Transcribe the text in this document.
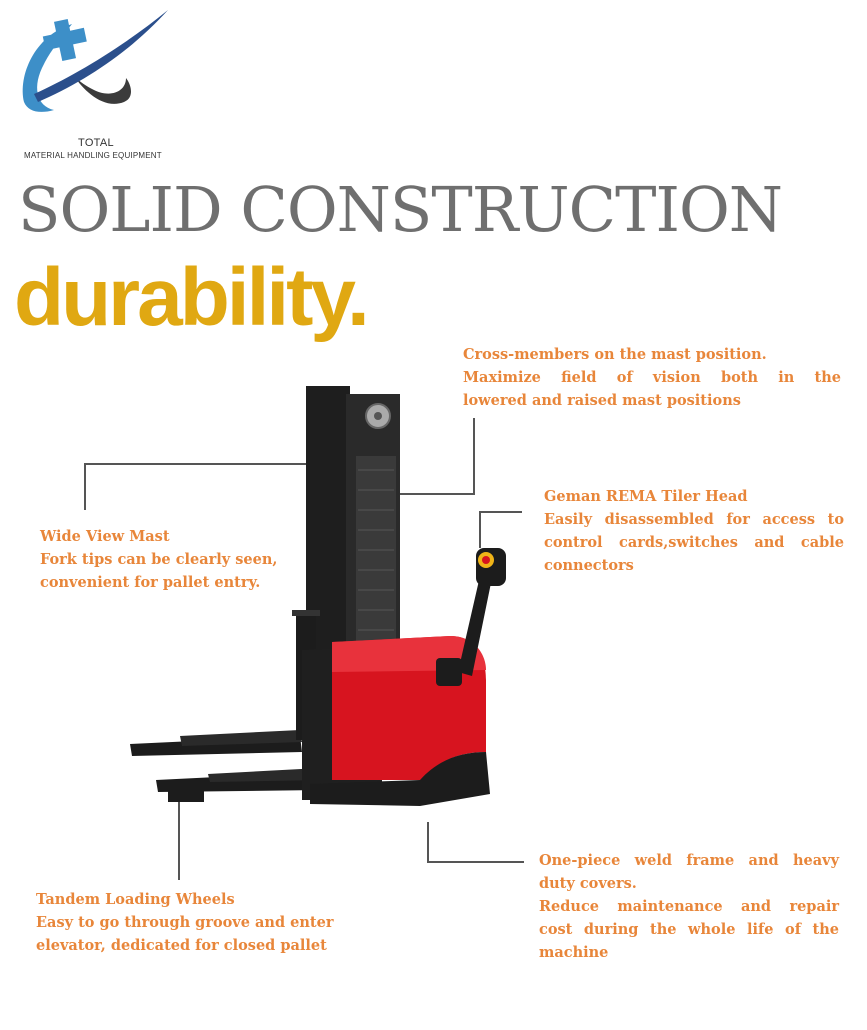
TOTAL
MATERIAL HANDLING EQUIPMENT
SOLID CONSTRUCTION
durability.
Cross-members on the mast position.
Maximize field of vision both in the
lowered and raised mast positions
Geman REMA Tiler Head
Easily disassembled for access to
control cards,switches and cable
connectors
Wide View Mast
Fork tips can be clearly seen,
convenient for pallet entry.
Tandem Loading Wheels
Easy to go through groove and enter
elevator, dedicated for closed pallet
One-piece weld frame and heavy
duty covers.
Reduce maintenance and repair
cost during the whole life of the
machine
